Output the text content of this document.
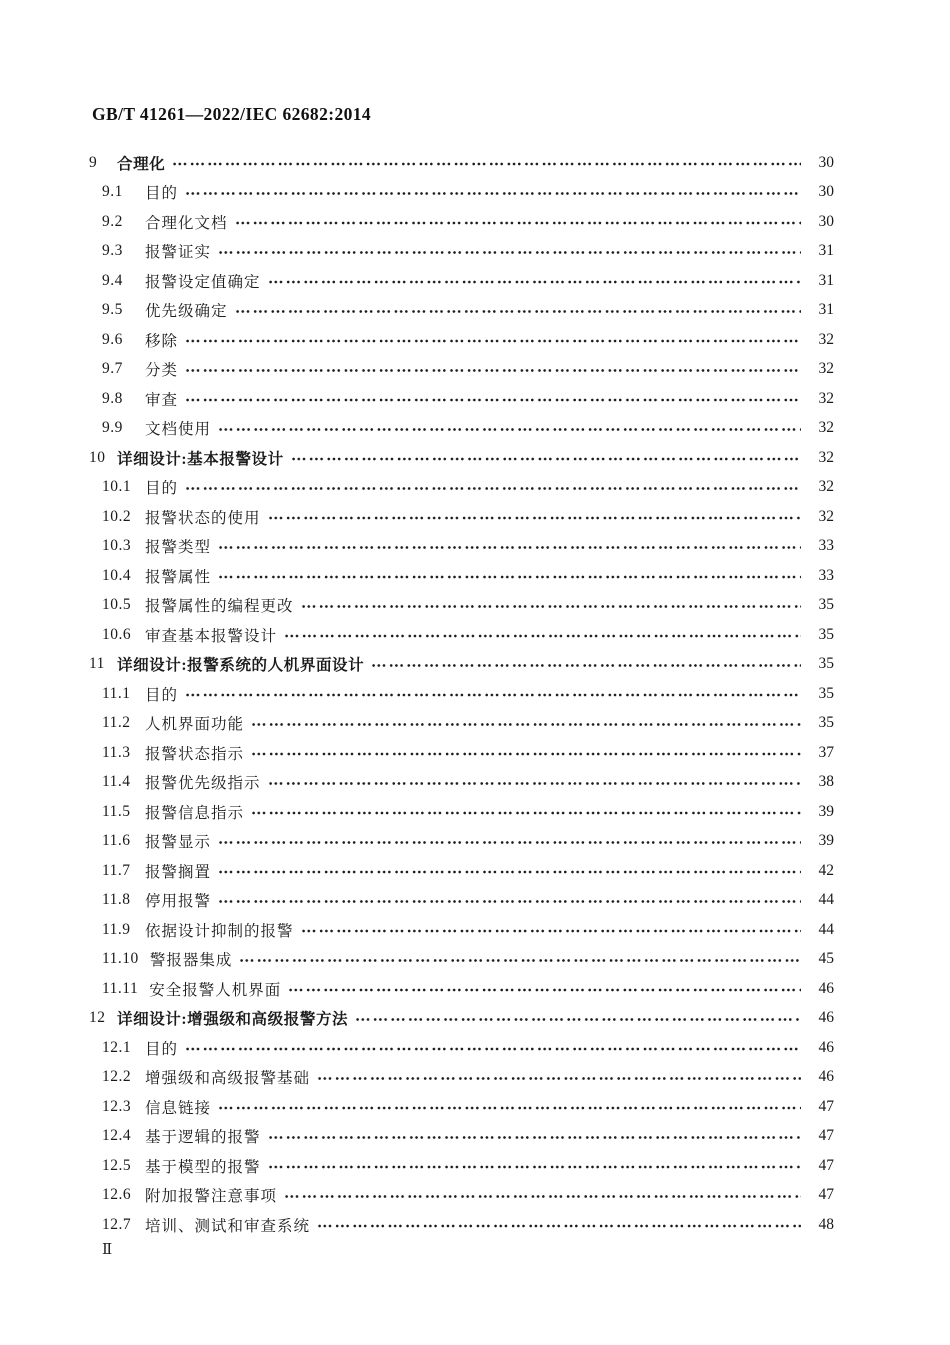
GB/T 41261—2022/IEC 62682:2014
9	合理化	30
9.1	目的	30
9.2	合理化文档	30
9.3	报警证实	31
9.4	报警设定值确定	31
9.5	优先级确定	31
9.6	移除	32
9.7	分类	32
9.8	审查	32
9.9	文档使用	32
10 详细设计:基本报警设计	32
10.1 目的	32
10.2 报警状态的使用	32
10.3 报警类型	33
10.4 报警属性	33
10.5 报警属性的编程更改	35
10.6 审查基本报警设计	35
11 详细设计:报警系统的人机界面设计	35
11.1 目的	35
11.2 人机界面功能	35
11.3 报警状态指示	37
11.4 报警优先级指示	38
11.5 报警信息指示	39
11.6 报警显示	39
11.7 报警搁置	42
11.8 停用报警	44
11.9 依据设计抑制的报警	44
11.10 警报器集成	45
11.11 安全报警人机界面	46
12 详细设计:增强级和高级报警方法	46
12.1 目的	46
12.2 增强级和高级报警基础	46
12.3 信息链接	47
12.4 基于逻辑的报警	47
12.5 基于模型的报警	47
12.6 附加报警注意事项	47
12.7 培训、测试和审查系统	48
Ⅱ
